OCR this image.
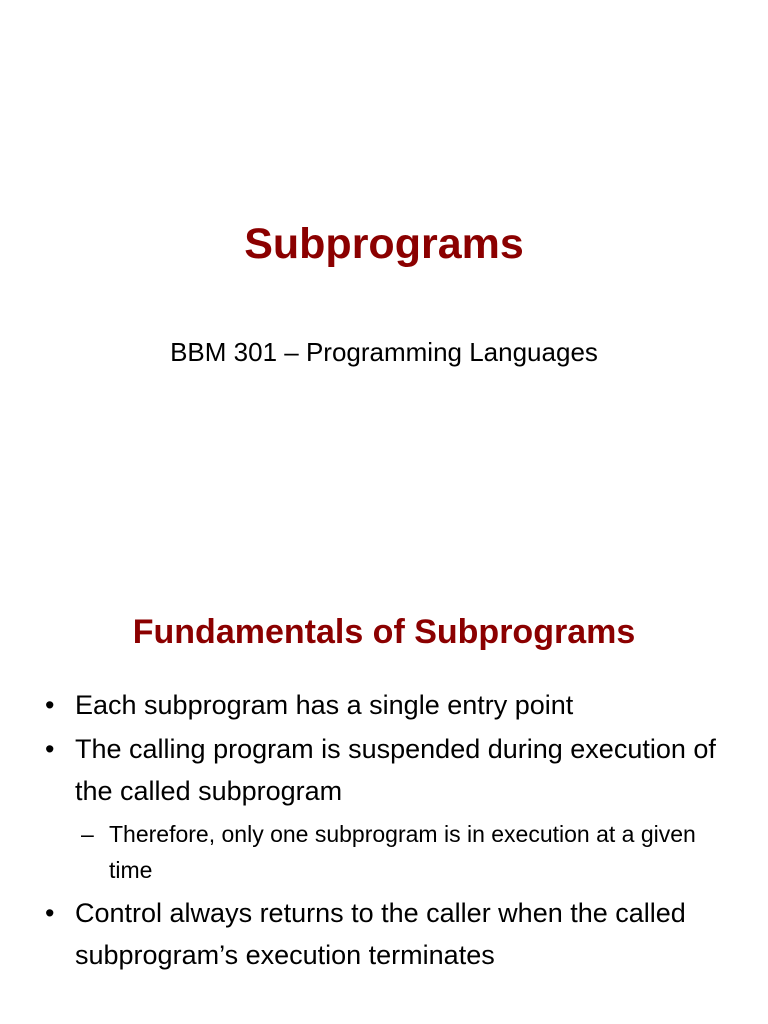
Subprograms
BBM 301 – Programming Languages
Fundamentals of Subprograms
• Each subprogram has a single entry point
• The calling program is suspended during execution of the called subprogram
– Therefore, only one subprogram is in execution at a given time
• Control always returns to the caller when the called subprogram’s execution terminates
